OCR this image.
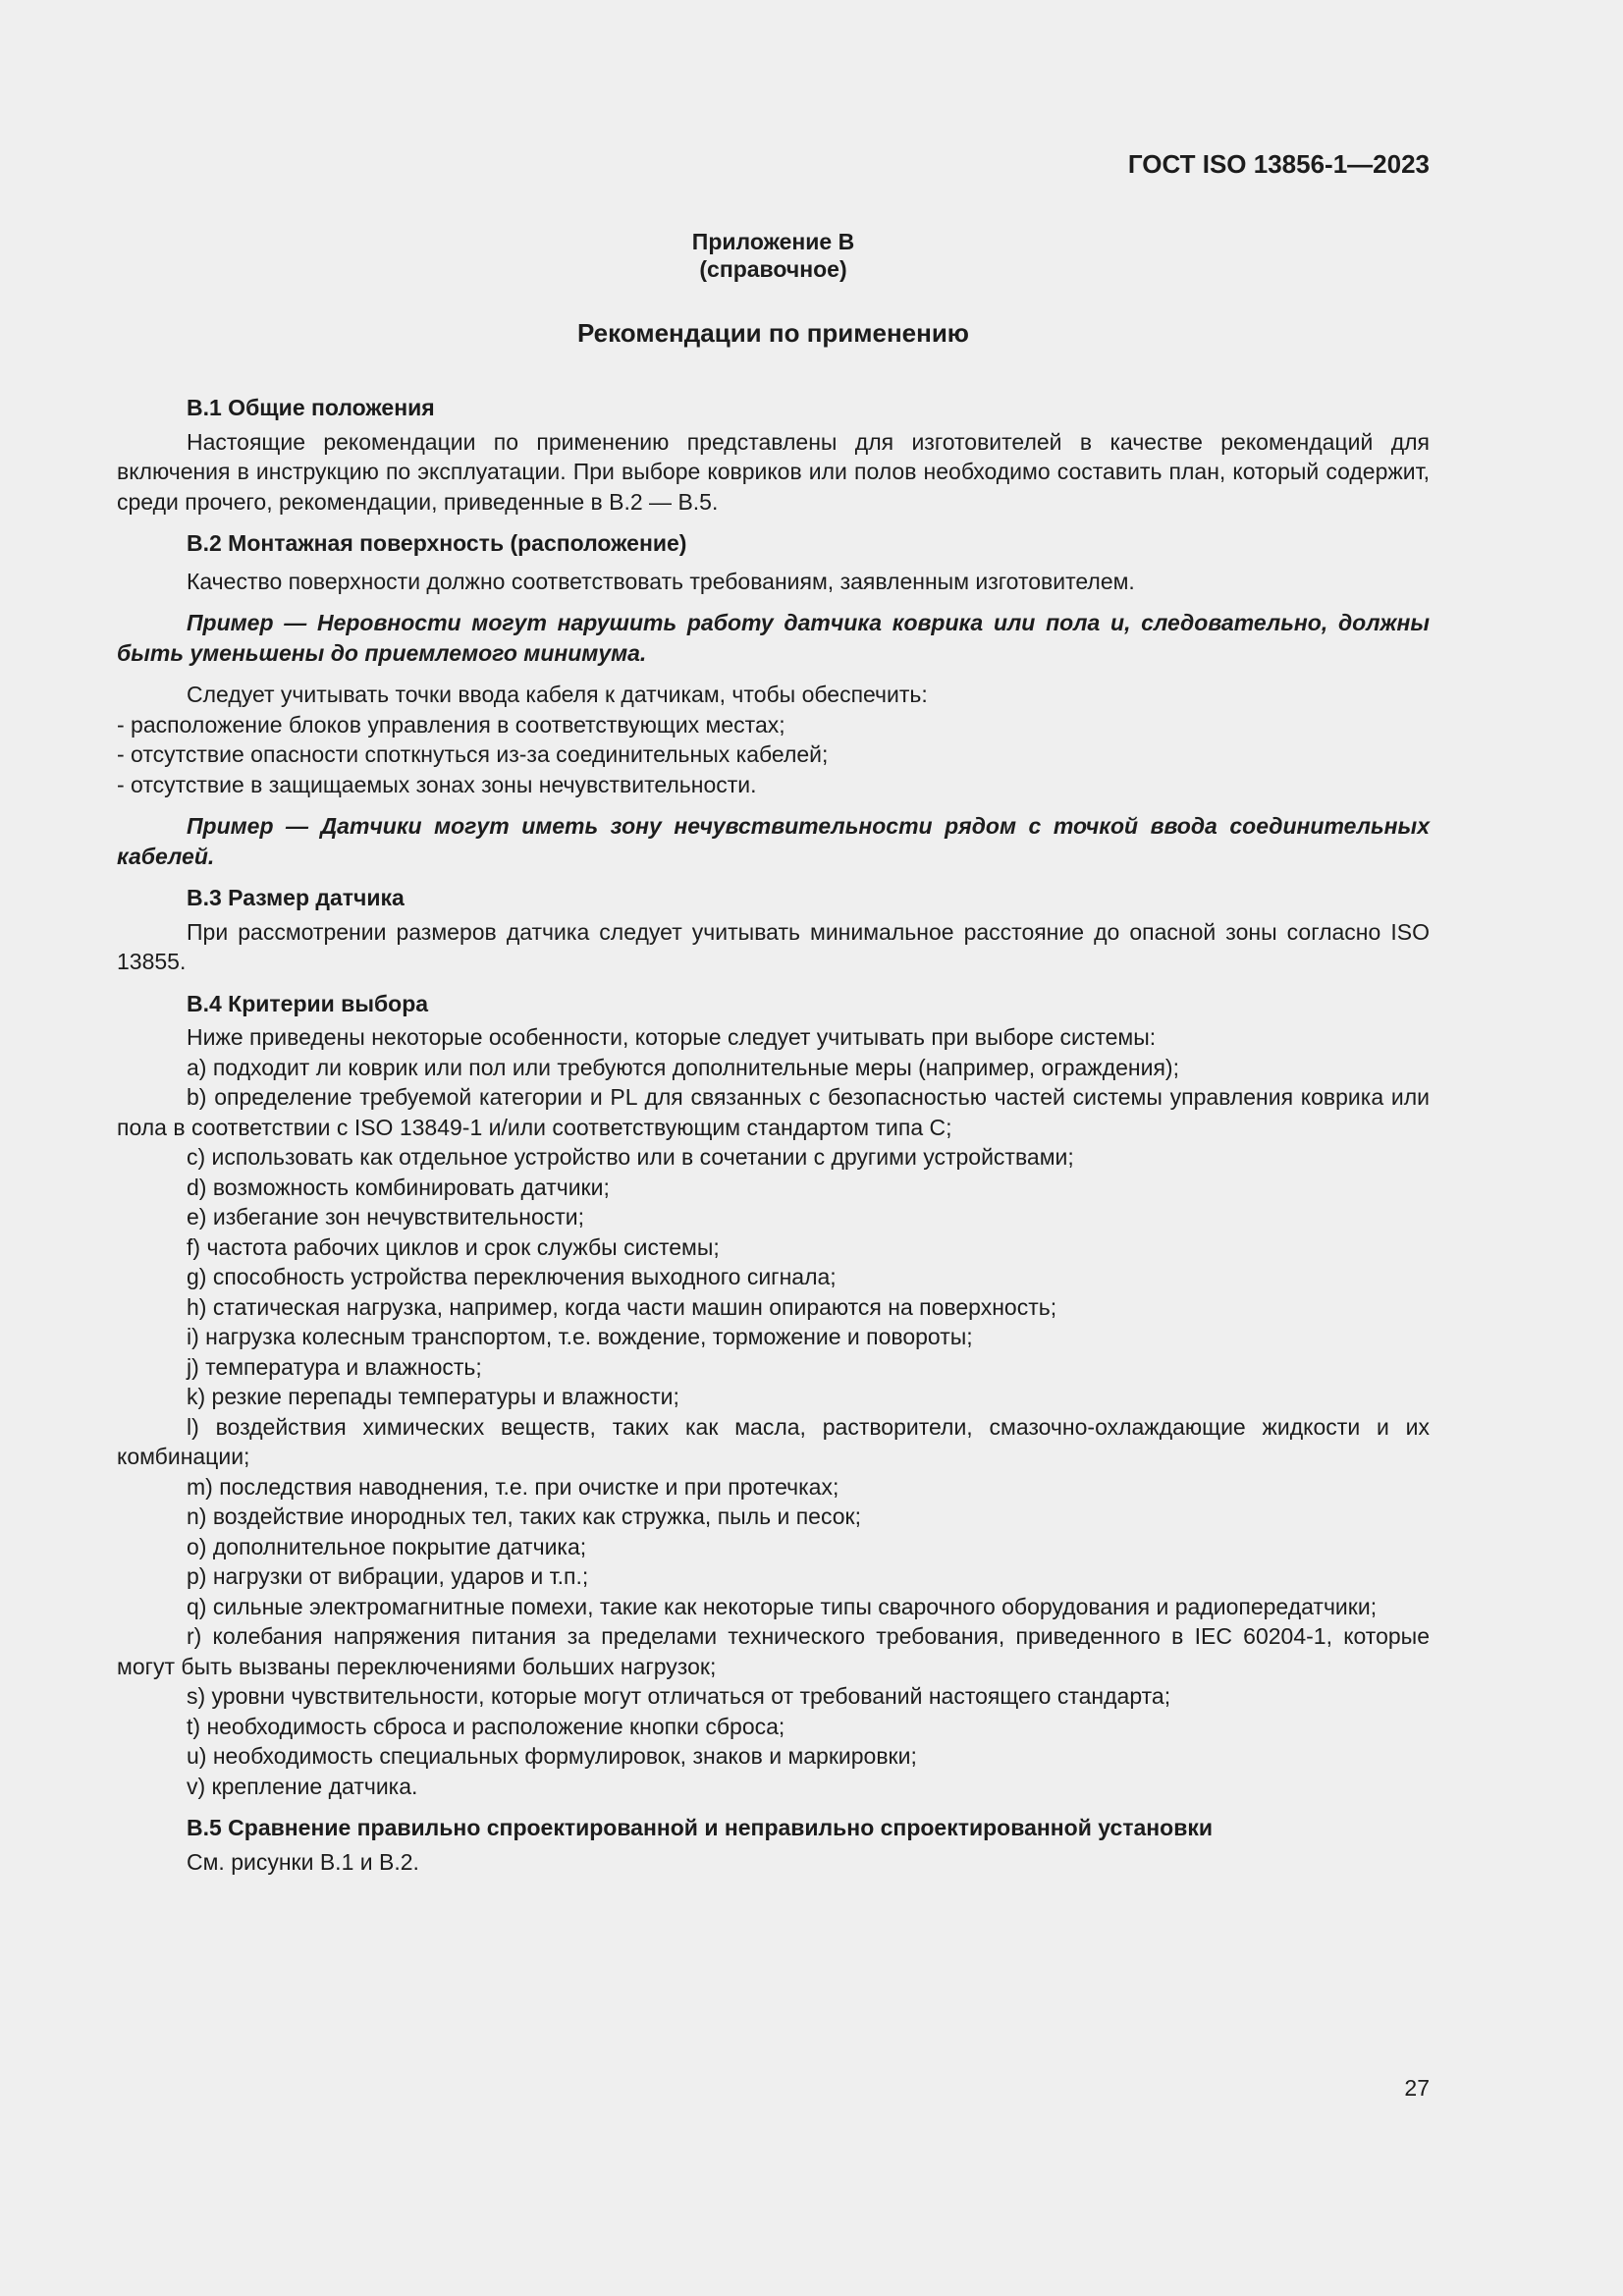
ГОСТ ISO 13856-1—2023
Приложение В
(справочное)
Рекомендации по применению
В.1 Общие положения

Настоящие рекомендации по применению представлены для изготовителей в качестве рекомендаций для включения в инструкцию по эксплуатации. При выборе ковриков или полов необходимо составить план, который содержит, среди прочего, рекомендации, приведенные в В.2 — В.5.

В.2 Монтажная поверхность (расположение)

Качество поверхности должно соответствовать требованиям, заявленным изготовителем.

Пример — Неровности могут нарушить работу датчика коврика или пола и, следовательно, должны быть уменьшены до приемлемого минимума.

Следует учитывать точки ввода кабеля к датчикам, чтобы обеспечить:

- расположение блоков управления в соответствующих местах;

- отсутствие опасности споткнуться из-за соединительных кабелей;

- отсутствие в защищаемых зонах зоны нечувствительности.

Пример — Датчики могут иметь зону нечувствительности рядом с точкой ввода соединительных кабелей.

В.3 Размер датчика

При рассмотрении размеров датчика следует учитывать минимальное расстояние до опасной зоны согласно ISO 13855.

В.4 Критерии выбора

Ниже приведены некоторые особенности, которые следует учитывать при выборе системы:

a) подходит ли коврик или пол или требуются дополнительные меры (например, ограждения);

b) определение требуемой категории и PL для связанных с безопасностью частей системы управления коврика или пола в соответствии с ISO 13849-1 и/или соответствующим стандартом типа С;

c) использовать как отдельное устройство или в сочетании с другими устройствами;

d) возможность комбинировать датчики;

e) избегание зон нечувствительности;

f) частота рабочих циклов и срок службы системы;

g) способность устройства переключения выходного сигнала;

h) статическая нагрузка, например, когда части машин опираются на поверхность;

i) нагрузка колесным транспортом, т.е. вождение, торможение и повороты;

j) температура и влажность;

k) резкие перепады температуры и влажности;

l) воздействия химических веществ, таких как масла, растворители, смазочно-охлаждающие жидкости и их комбинации;

m) последствия наводнения, т.е. при очистке и при протечках;

n) воздействие инородных тел, таких как стружка, пыль и песок;

o) дополнительное покрытие датчика;

p) нагрузки от вибрации, ударов и т.п.;

q) сильные электромагнитные помехи, такие как некоторые типы сварочного оборудования и радиопередатчики;

r) колебания напряжения питания за пределами технического требования, приведенного в IEC 60204-1, которые могут быть вызваны переключениями больших нагрузок;

s) уровни чувствительности, которые могут отличаться от требований настоящего стандарта;

t) необходимость сброса и расположение кнопки сброса;

u) необходимость специальных формулировок, знаков и маркировки;

v) крепление датчика.

В.5 Сравнение правильно спроектированной и неправильно спроектированной установки

См. рисунки В.1 и В.2.

27
